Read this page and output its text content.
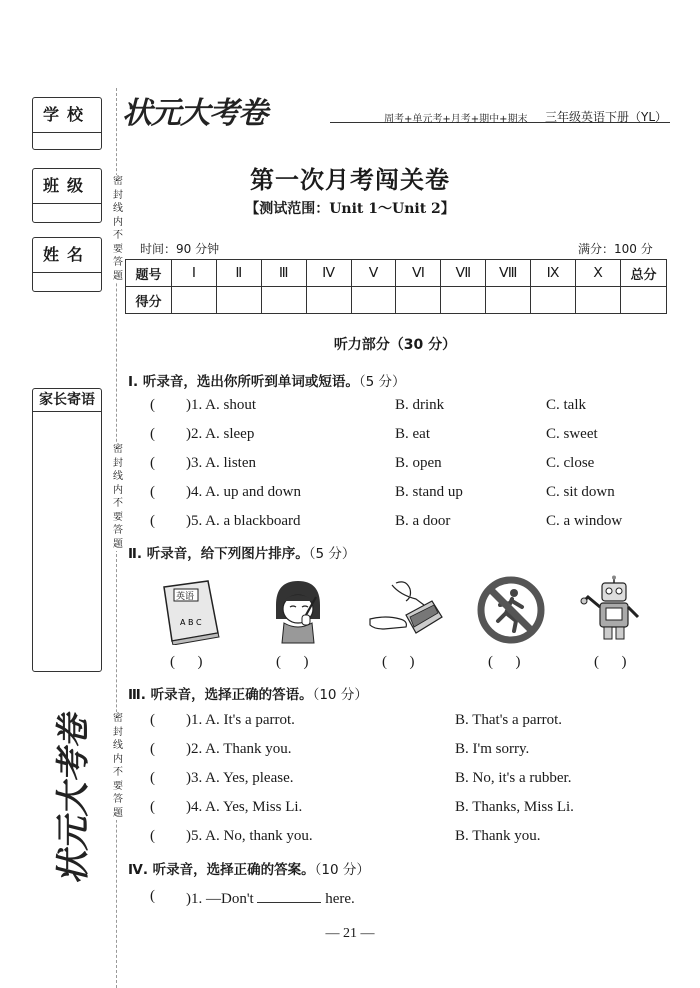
学校
班级
姓名
家长寄语
密封线内不要答题
密封线内不要答题
密封线内不要答题
状元大考卷
状元大考卷	周考+单元考+月考+期中+期末 三年级英语下册（YL）
第一次月考闯关卷
【测试范围：Unit 1～Unit 2】
时间：90 分钟	满分：100 分
题号	Ⅰ	Ⅱ	Ⅲ	Ⅳ	Ⅴ	Ⅵ	Ⅶ	Ⅷ	Ⅸ	Ⅹ	总分
得分											
听力部分（30 分）
Ⅰ. 听录音，选出你所听到单词或短语。（5 分）
( )1. A. shout	B. drink	C. talk
( )2. A. sleep	B. eat	C. sweet
( )3. A. listen	B. open	C. close
( )4. A. up and down	B. stand up	C. sit down
( )5. A. a blackboard	B. a door	C. a window
Ⅱ. 听录音，给下列图片排序。（5 分）
英语
A B C
(      )	(      )	(      )	(      )	(      )
Ⅲ. 听录音，选择正确的答语。（10 分）
( )1. A. It's a parrot.	B. That's a parrot.
( )2. A. Thank you.	B. I'm sorry.
( )3. A. Yes, please.	B. No, it's a rubber.
( )4. A. Yes, Miss Li.	B. Thanks, Miss Li.
( )5. A. No, thank you.	B. Thank you.
Ⅳ. 听录音，选择正确的答案。（10 分）
( )1. —Don't	here.
— 21 —
